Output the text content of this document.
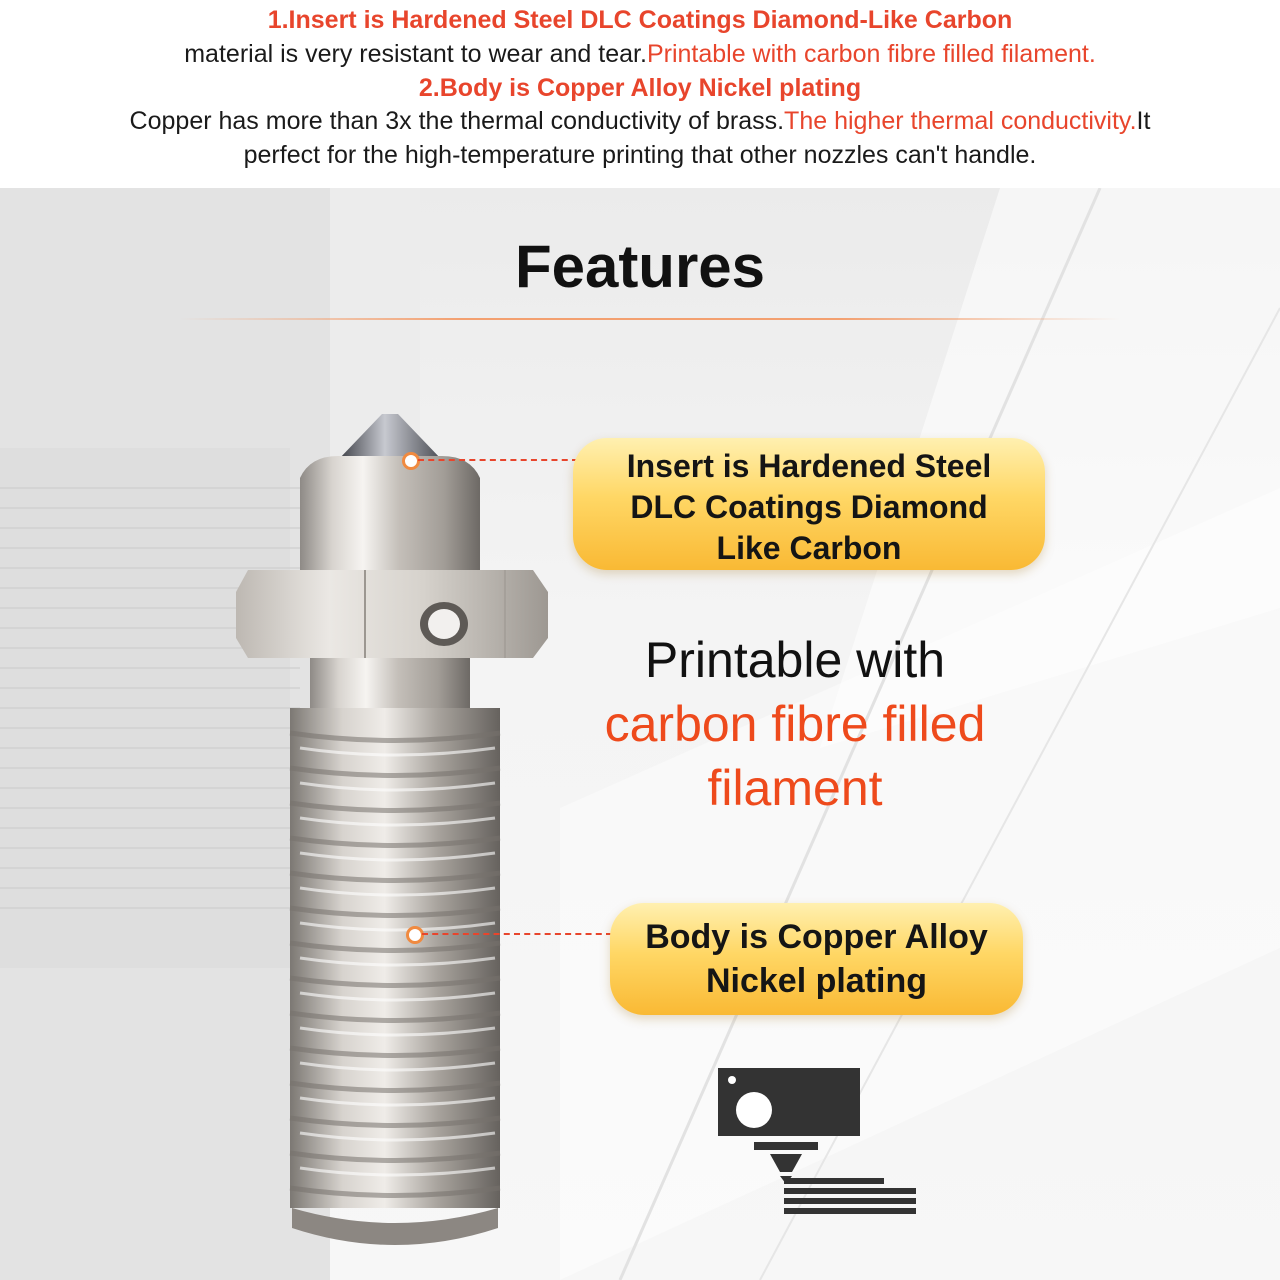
1.Insert is Hardened Steel DLC Coatings Diamond-Like Carbon
material is very resistant to wear and tear.Printable with carbon fibre filled filament.
2.Body is Copper Alloy Nickel plating
Copper has more than 3x the thermal conductivity of brass.The higher thermal conductivity.It
perfect for the high-temperature printing that other nozzles can't handle.
Features
Insert is Hardened Steel
DLC Coatings Diamond
Like Carbon
Printable with
carbon fibre filled
filament
Body is Copper Alloy
Nickel plating
